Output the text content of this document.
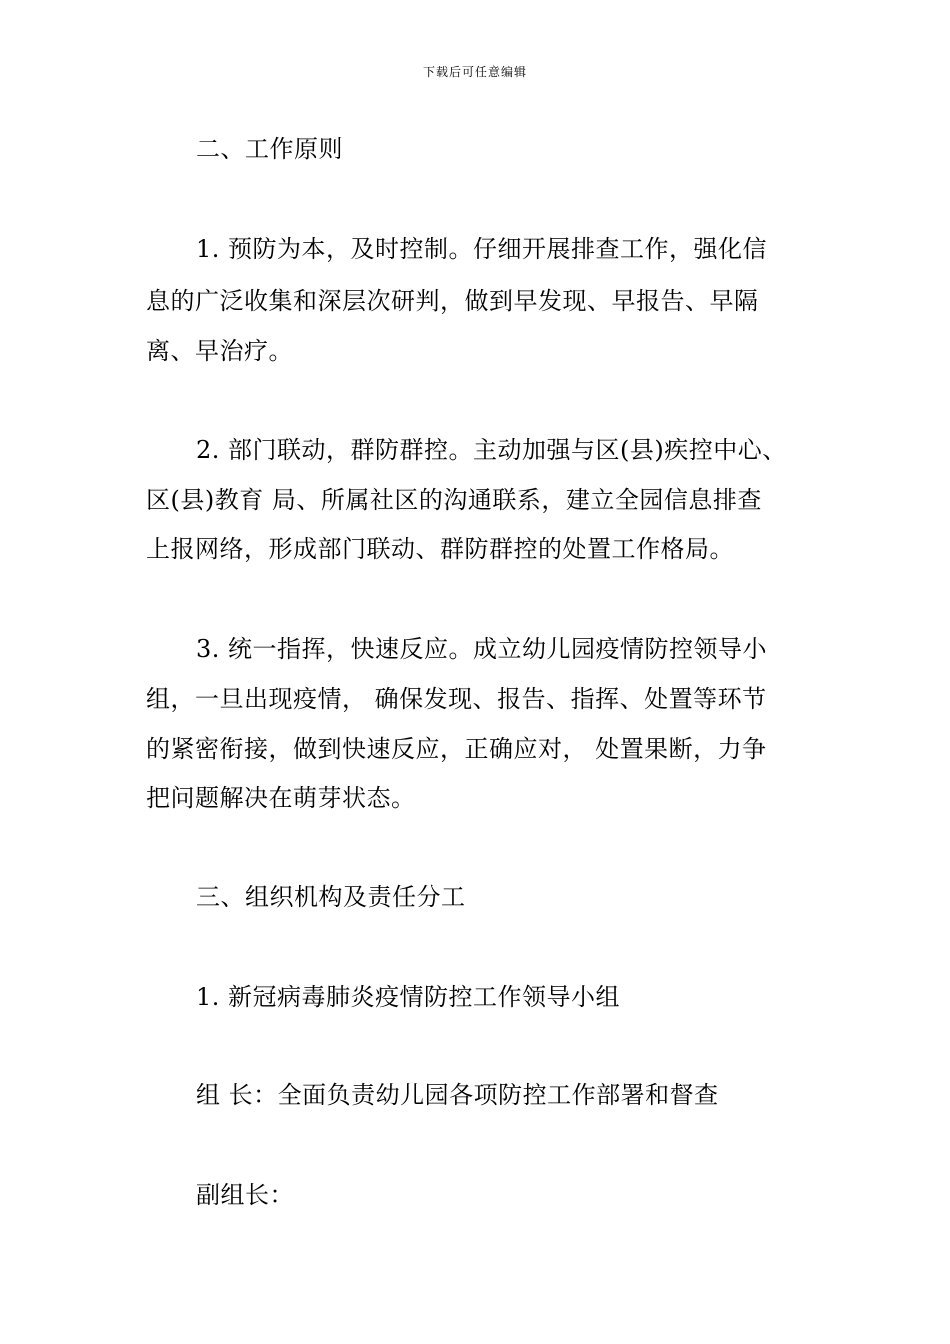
下载后可任意编辑
二、工作原则
1. 预防为本，及时控制。仔细开展排查工作，强化信
息的广泛收集和深层次研判，做到早发现、早报告、早隔
离、早治疗。
2. 部门联动，群防群控。主动加强与区(县)疾控中心、
区(县)教育 局、所属社区的沟通联系，建立全园信息排查
上报网络，形成部门联动、群防群控的处置工作格局。
3. 统一指挥，快速反应。成立幼儿园疫情防控领导小
组，一旦出现疫情， 确保发现、报告、指挥、处置等环节
的紧密衔接，做到快速反应，正确应对， 处置果断，力争
把问题解决在萌芽状态。
三、组织机构及责任分工
1. 新冠病毒肺炎疫情防控工作领导小组
组 长：全面负责幼儿园各项防控工作部署和督查
副组长：
